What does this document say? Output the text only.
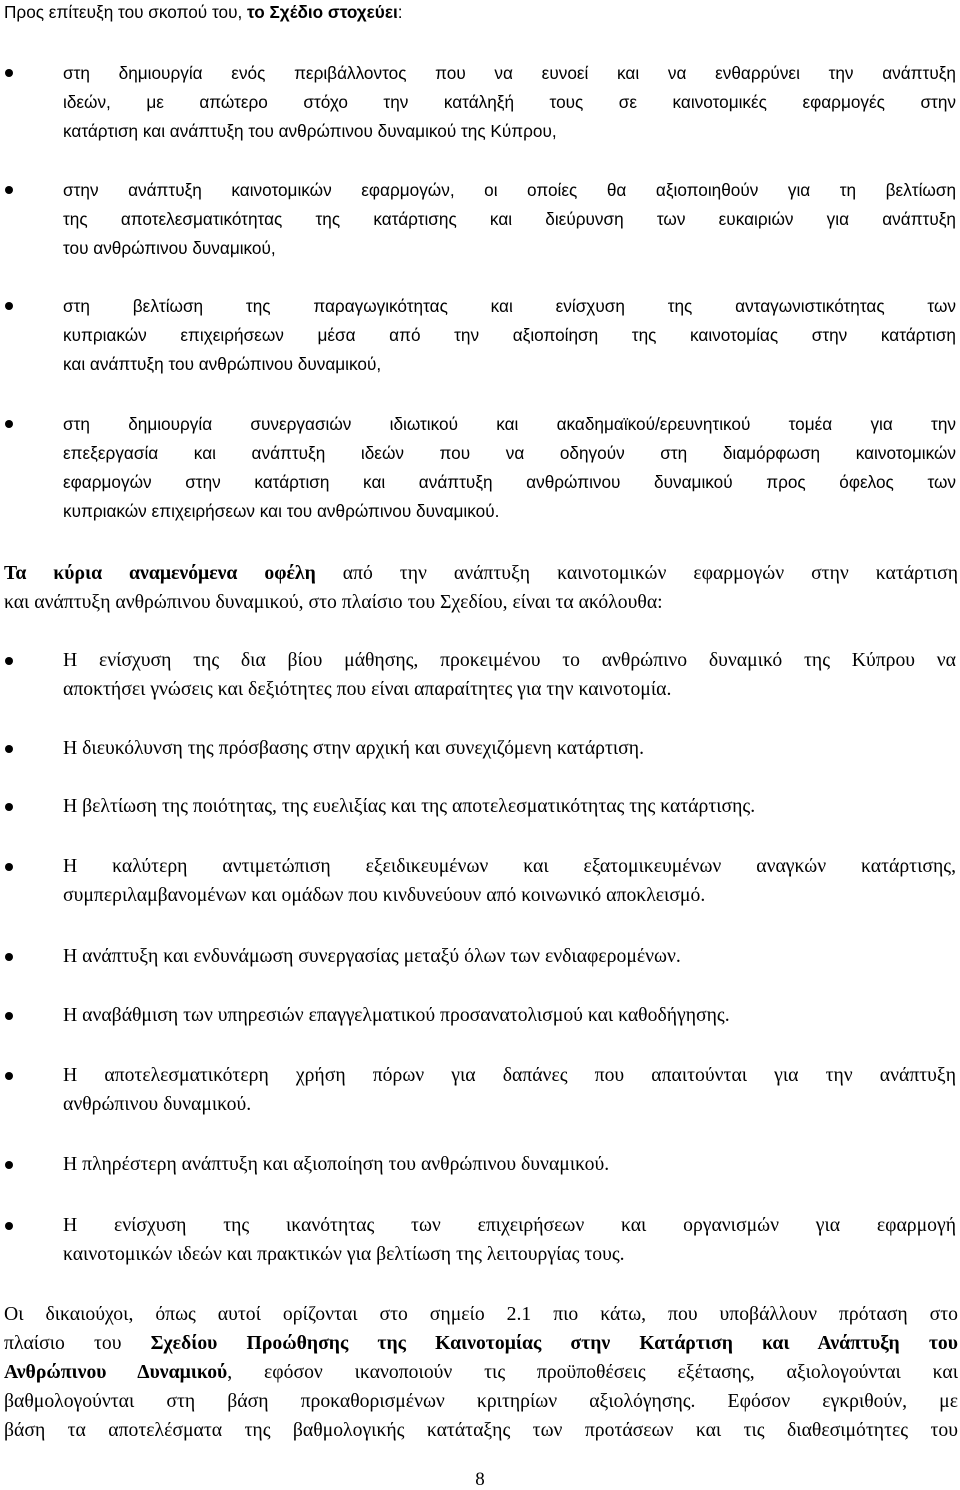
Προς επίτευξη του σκοπού του, το Σχέδιο στοχεύει:
στη δημιουργία ενός περιβάλλοντος που να ευνοεί και να ενθαρρύνει την ανάπτυξη
ιδεών, με απώτερο στόχο την κατάληξή τους σε καινοτομικές εφαρμογές στην
κατάρτιση και ανάπτυξη του ανθρώπινου δυναμικού της Κύπρου,
στην ανάπτυξη καινοτομικών εφαρμογών, οι οποίες θα αξιοποιηθούν για τη βελτίωση
της αποτελεσματικότητας της κατάρτισης και διεύρυνση των ευκαιριών για ανάπτυξη
του ανθρώπινου δυναμικού,
στη βελτίωση της παραγωγικότητας και ενίσχυση της ανταγωνιστικότητας των
κυπριακών επιχειρήσεων μέσα από την αξιοποίηση της καινοτομίας στην κατάρτιση
και ανάπτυξη του ανθρώπινου δυναμικού,
στη δημιουργία συνεργασιών ιδιωτικού και ακαδημαϊκού/ερευνητικού τομέα για την
επεξεργασία και ανάπτυξη ιδεών που να οδηγούν στη διαμόρφωση καινοτομικών
εφαρμογών στην κατάρτιση και ανάπτυξη ανθρώπινου δυναμικού προς όφελος των
κυπριακών επιχειρήσεων και του ανθρώπινου δυναμικού.
Τα κύρια αναμενόμενα οφέλη από την ανάπτυξη καινοτομικών εφαρμογών στην κατάρτιση
και ανάπτυξη ανθρώπινου δυναμικού, στο πλαίσιο του Σχεδίου, είναι τα ακόλουθα:
Η ενίσχυση της δια βίου μάθησης, προκειμένου το ανθρώπινο δυναμικό της Κύπρου να
αποκτήσει γνώσεις και δεξιότητες που είναι απαραίτητες για την καινοτομία.
Η διευκόλυνση της πρόσβασης στην αρχική και συνεχιζόμενη κατάρτιση.
Η βελτίωση της ποιότητας, της ευελιξίας και της αποτελεσματικότητας της κατάρτισης.
Η καλύτερη αντιμετώπιση εξειδικευμένων και εξατομικευμένων αναγκών κατάρτισης,
συμπεριλαμβανομένων και ομάδων που κινδυνεύουν από κοινωνικό αποκλεισμό.
Η ανάπτυξη και ενδυνάμωση συνεργασίας μεταξύ όλων των ενδιαφερομένων.
Η αναβάθμιση των υπηρεσιών επαγγελματικού προσανατολισμού και καθοδήγησης.
Η αποτελεσματικότερη χρήση πόρων για δαπάνες που απαιτούνται για την ανάπτυξη
ανθρώπινου δυναμικού.
Η πληρέστερη ανάπτυξη και αξιοποίηση του ανθρώπινου δυναμικού.
Η ενίσχυση της ικανότητας των επιχειρήσεων και οργανισμών για εφαρμογή
καινοτομικών ιδεών και πρακτικών για βελτίωση της λειτουργίας τους.
Οι δικαιούχοι, όπως αυτοί ορίζονται στο σημείο 2.1 πιο κάτω, που υποβάλλουν πρόταση στο
πλαίσιο του Σχεδίου Προώθησης της Καινοτομίας στην Κατάρτιση και Ανάπτυξη του
Ανθρώπινου Δυναμικού, εφόσον ικανοποιούν τις προϋποθέσεις εξέτασης, αξιολογούνται και
βαθμολογούνται στη βάση προκαθορισμένων κριτηρίων αξιολόγησης. Εφόσον εγκριθούν, με
βάση τα αποτελέσματα της βαθμολογικής κατάταξης των προτάσεων και τις διαθεσιμότητες του
8
